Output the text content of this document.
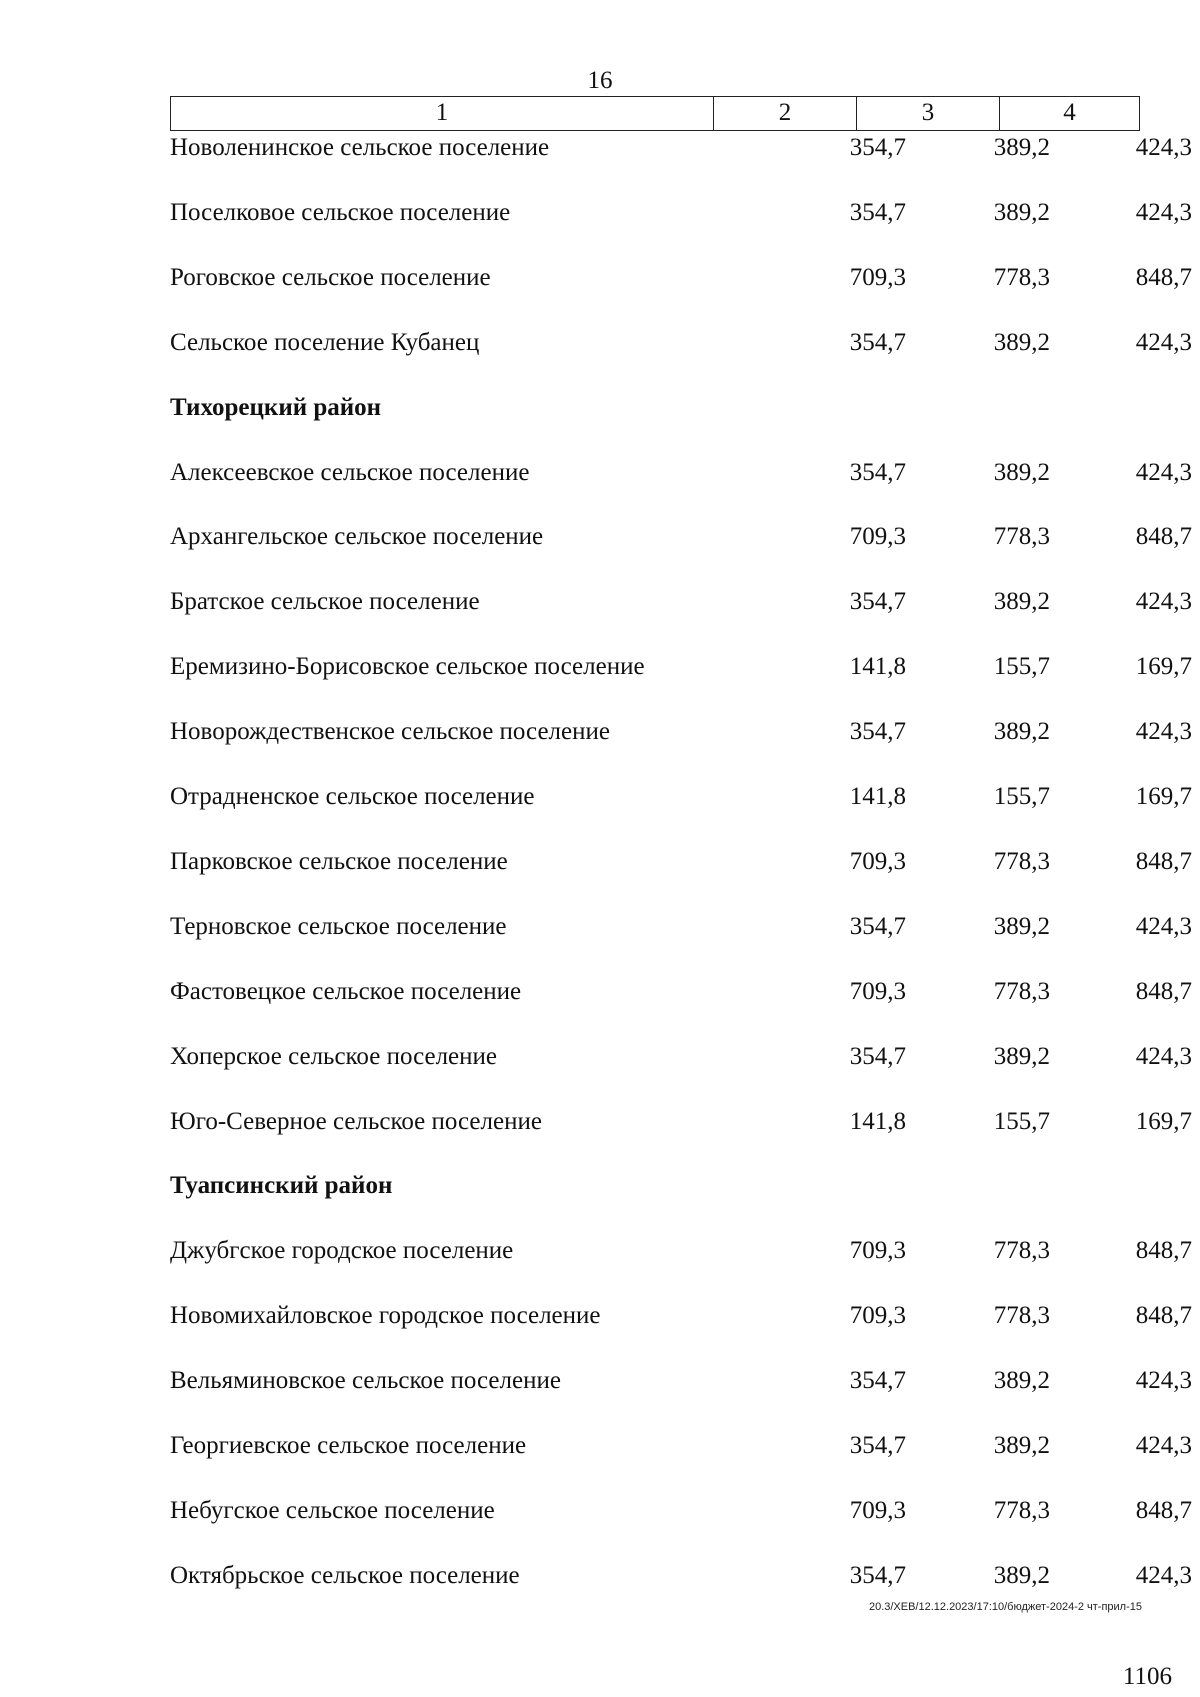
16
1	2	3	4
Новоленинское сельское поселение	354,7	389,2	424,3
Поселковое сельское поселение	354,7	389,2	424,3
Роговское сельское поселение	709,3	778,3	848,7
Сельское поселение Кубанец	354,7	389,2	424,3
Тихорецкий район
Алексеевское сельское поселение	354,7	389,2	424,3
Архангельское сельское поселение	709,3	778,3	848,7
Братское сельское поселение	354,7	389,2	424,3
Еремизино-Борисовское сельское поселение	141,8	155,7	169,7
Новорождественское сельское поселение	354,7	389,2	424,3
Отрадненское сельское поселение	141,8	155,7	169,7
Парковское сельское поселение	709,3	778,3	848,7
Терновское сельское поселение	354,7	389,2	424,3
Фастовецкое сельское поселение	709,3	778,3	848,7
Хоперское сельское поселение	354,7	389,2	424,3
Юго-Северное сельское поселение	141,8	155,7	169,7
Туапсинский район
Джубгское городское поселение	709,3	778,3	848,7
Новомихайловское городское поселение	709,3	778,3	848,7
Вельяминовское сельское поселение	354,7	389,2	424,3
Георгиевское сельское поселение	354,7	389,2	424,3
Небугское сельское поселение	709,3	778,3	848,7
Октябрьское сельское поселение	354,7	389,2	424,3
20.3/ХЕВ/12.12.2023/17:10/бюджет-2024-2 чт-прил-15
1106
